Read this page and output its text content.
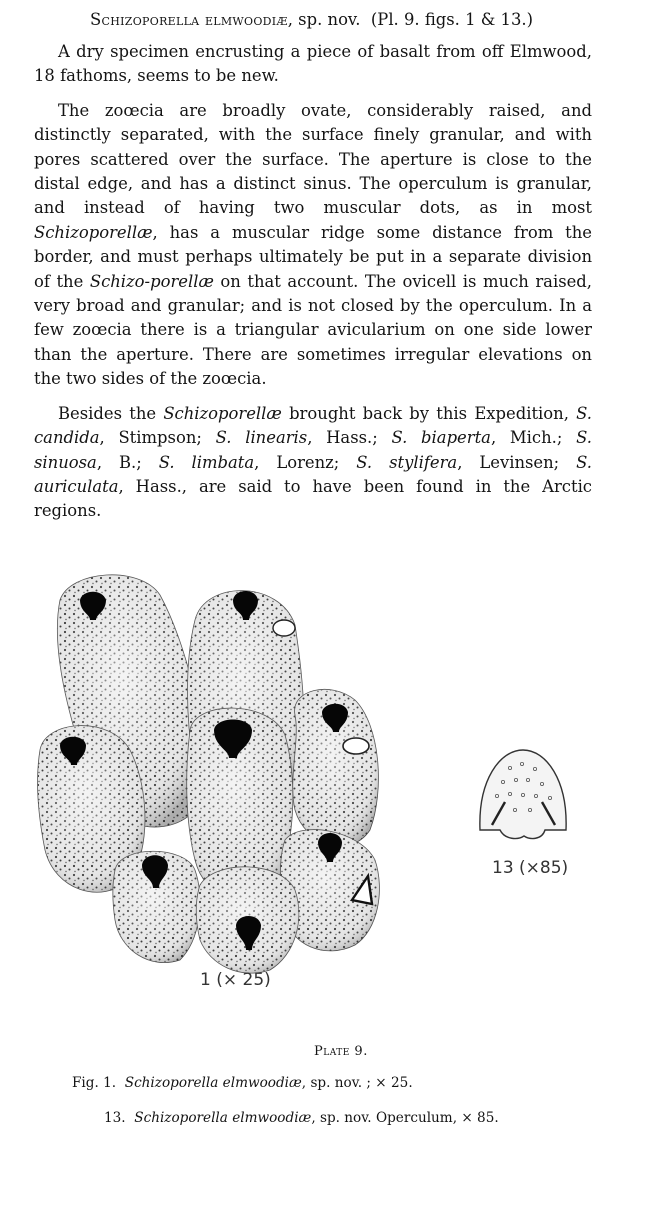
Schizoporella elmwoodiæ, sp. nov. (Pl. 9. figs. 1 & 13.)

A dry specimen encrusting a piece of basalt from off Elmwood, 18 fathoms, seems to be new.

The zoœcia are broadly ovate, considerably raised, and distinctly separated, with the surface finely granular, and with pores scattered over the surface. The aperture is close to the distal edge, and has a distinct sinus. The operculum is granular, and instead of having two muscular dots, as in most Schizoporellæ, has a muscular ridge some distance from the border, and must perhaps ultimately be put in a separate division of the Schizo-porellæ on that account. The ovicell is much raised, very broad and granular; and is not closed by the operculum. In a few zoœcia there is a triangular avicularium on one side lower than the aperture. There are sometimes irregular elevations on the two sides of the zoœcia.

Besides the Schizoporellæ brought back by this Expedition, S. candida, Stimpson; S. linearis, Hass.; S. biaperta, Mich.; S. sinuosa, B.; S. limbata, Lorenz; S. stylifera, Levinsen; S. auriculata, Hass., are said to have been found in the Arctic regions.

1 (× 25)
13 (×85)
Plate 9.
Fig. 1. Schizoporella elmwoodiæ, sp. nov. ; × 25.
13. Schizoporella elmwoodiæ, sp. nov. Operculum, × 85.
